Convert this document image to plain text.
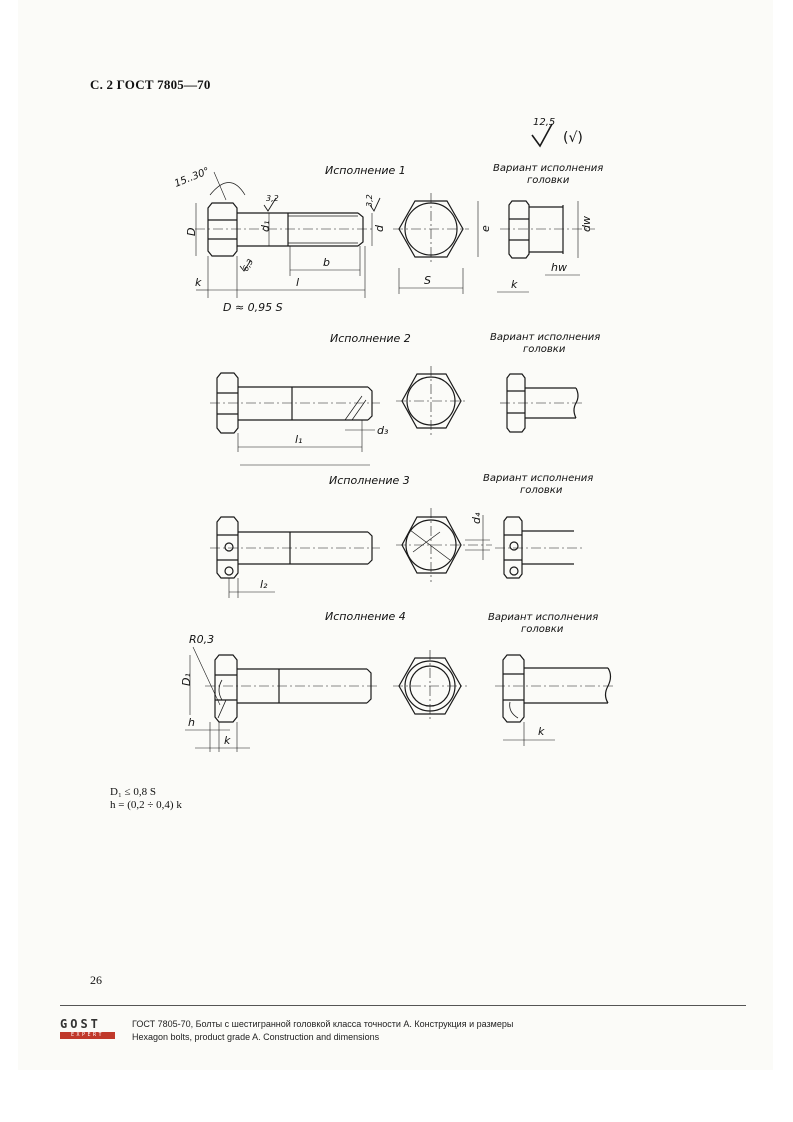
С. 2 ГОСТ 7805—70
12,5
(√)
Исполнение 1	Вариант исполнения
головки
15..30°
3,2	3,2
6,3
D	d₁	d
b
l
k
D ≈ 0,95 S
e
S
dw
hw
k
Исполнение 2	Вариант исполнения
головки
l₁
d₃
Исполнение 3	Вариант исполнения
головки
l₂
d₄
Исполнение 4	Вариант исполнения
головки
R0,3
D₁
h
k
k
D₁ ≤ 0,8 S
h = (0,2 ÷ 0,4) k
26
GOST
EXPERT
ГОСТ 7805-70, Болты с шестигранной головкой класса точности А. Конструкция и размеры
Hexagon bolts, product grade A. Construction and dimensions
